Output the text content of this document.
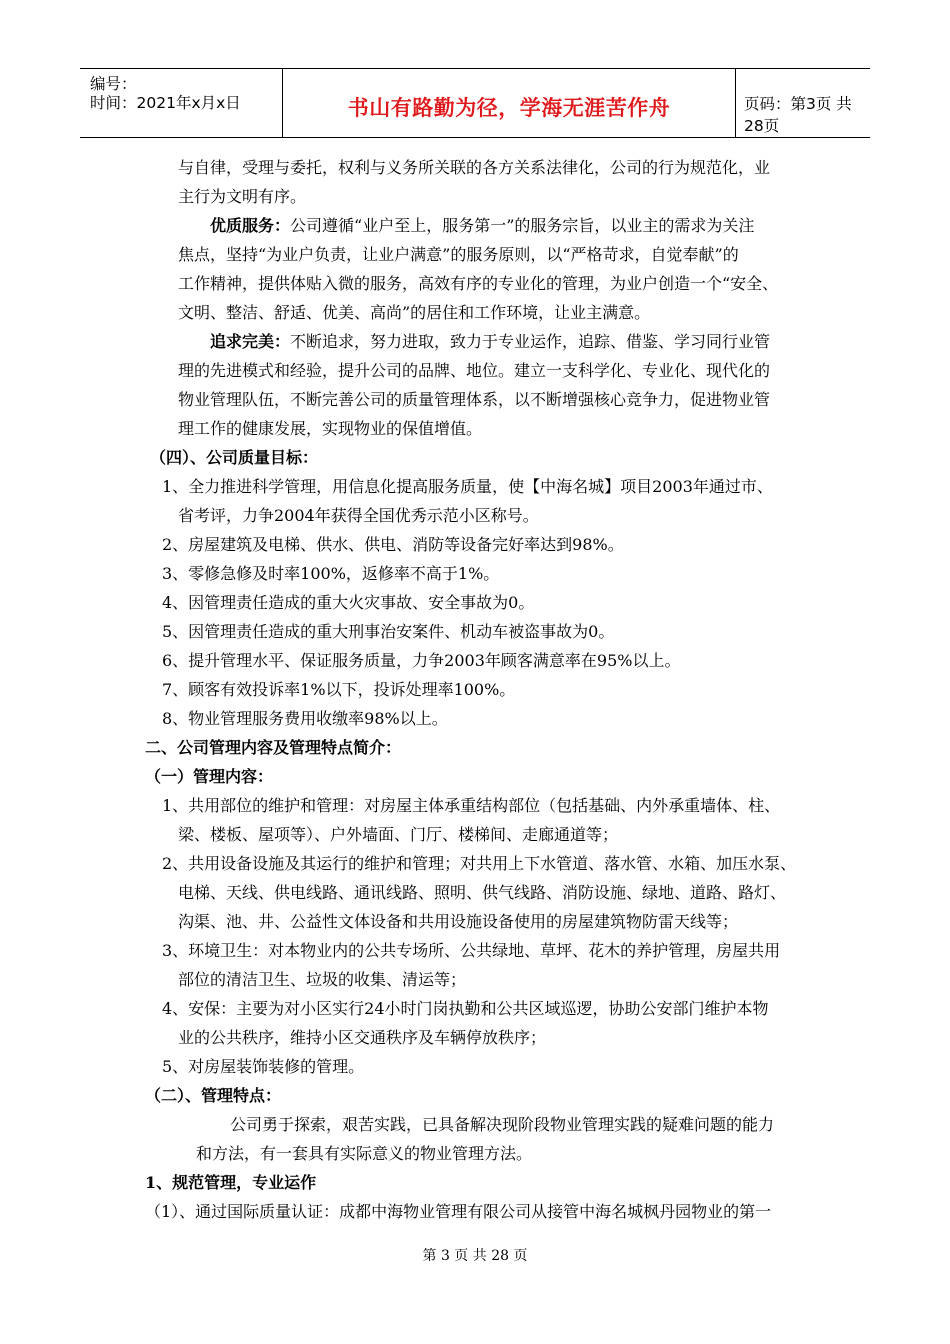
编号：
时间：2021年x月x日	书山有路勤为径，学海无涯苦作舟	页码：第3页 共28页
与自律，受理与委托，权利与义务所关联的各方关系法律化，公司的行为规范化，业
主行为文明有序。
优质服务：公司遵循“业户至上，服务第一”的服务宗旨，以业主的需求为关注
焦点，坚持“为业户负责，让业户满意”的服务原则，以“严格苛求，自觉奉献”的
工作精神，提供体贴入微的服务，高效有序的专业化的管理，为业户创造一个“安全、
文明、整洁、舒适、优美、高尚”的居住和工作环境，让业主满意。
追求完美：不断追求，努力进取，致力于专业运作，追踪、借鉴、学习同行业管
理的先进模式和经验，提升公司的品牌、地位。建立一支科学化、专业化、现代化的
物业管理队伍，不断完善公司的质量管理体系，以不断增强核心竞争力，促进物业管
理工作的健康发展，实现物业的保值增值。
（四）、公司质量目标：
1、全力推进科学管理，用信息化提高服务质量，使【中海名城】项目2003年通过市、
省考评，力争2004年获得全国优秀示范小区称号。
2、房屋建筑及电梯、供水、供电、消防等设备完好率达到98%。
3、零修急修及时率100%，返修率不高于1%。
4、因管理责任造成的重大火灾事故、安全事故为0。
5、因管理责任造成的重大刑事治安案件、机动车被盗事故为0。
6、提升管理水平、保证服务质量，力争2003年顾客满意率在95%以上。
7、顾客有效投诉率1%以下，投诉处理率100%。
8、物业管理服务费用收缴率98%以上。
二、公司管理内容及管理特点简介：
（一）管理内容：
1、共用部位的维护和管理：对房屋主体承重结构部位（包括基础、内外承重墙体、柱、
梁、楼板、屋项等）、户外墙面、门厅、楼梯间、走廊通道等；
2、共用设备设施及其运行的维护和管理；对共用上下水管道、落水管、水箱、加压水泵、
电梯、天线、供电线路、通讯线路、照明、供气线路、消防设施、绿地、道路、路灯、
沟渠、池、井、公益性文体设备和共用设施设备使用的房屋建筑物防雷天线等；
3、环境卫生：对本物业内的公共专场所、公共绿地、草坪、花木的养护管理，房屋共用
部位的清洁卫生、垃圾的收集、清运等；
4、安保：主要为对小区实行24小时门岗执勤和公共区域巡逻，协助公安部门维护本物
业的公共秩序，维持小区交通秩序及车辆停放秩序；
5、对房屋装饰装修的管理。
（二）、管理特点：
公司勇于探索，艰苦实践，已具备解决现阶段物业管理实践的疑难问题的能力
和方法，有一套具有实际意义的物业管理方法。
1、规范管理，专业运作
（1）、通过国际质量认证：成都中海物业管理有限公司从接管中海名城枫丹园物业的第一
第 3 页 共 28 页
